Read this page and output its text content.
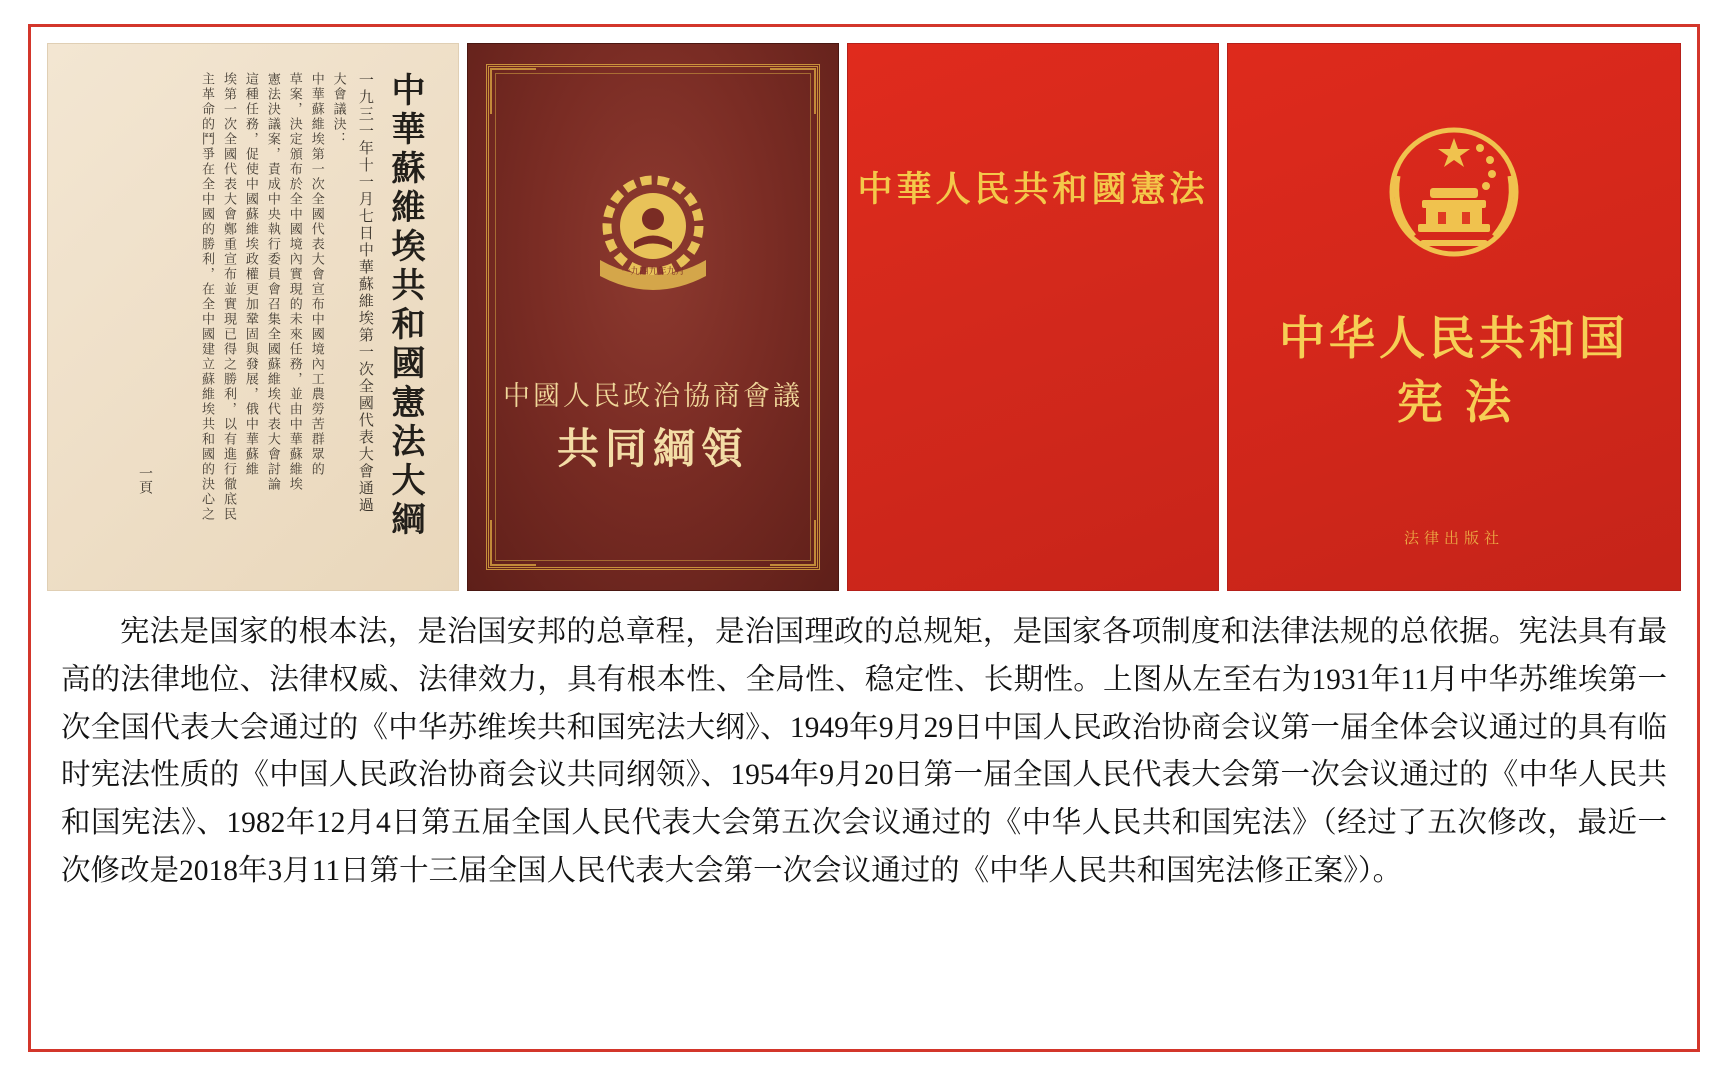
主革命的鬥爭在全中國的勝利，在全中國建立蘇維埃共和國的決心之 埃第一次全國代表大會鄭重宣布並實現已得之勝利，以有進行徹底民 這種任務，促使中國蘇維埃政權更加鞏固與發展，俄中華蘇維 憲法決議案，責成中央執行委員會召集全國蘇維埃代表大會討論 草案，決定頒布於全中國境內實現的未來任務，並由中華蘇維埃 中華蘇維埃第一次全國代表大會宣布中國境內工農勞苦群眾的 大會議決： 一九三一年十一月七日中華蘇維埃第一次全國代表大會通過 中華蘇維埃共和國憲法大綱
一頁
一九四九年九月
中國人民政治協商會議
共同綱領
中華人民共和國憲法
中华人民共和国
宪法
法律出版社

宪法是国家的根本法，是治国安邦的总章程，是治国理政的总规矩，是国家各项制度和法律法规的总依据。宪法具有最高的法律地位、法律权威、法律效力，具有根本性、全局性、稳定性、长期性。上图从左至右为1931年11月中华苏维埃第一次全国代表大会通过的《中华苏维埃共和国宪法大纲》、1949年9月29日中国人民政治协商会议第一届全体会议通过的具有临时宪法性质的《中国人民政治协商会议共同纲领》、1954年9月20日第一届全国人民代表大会第一次会议通过的《中华人民共和国宪法》、1982年12月4日第五届全国人民代表大会第五次会议通过的《中华人民共和国宪法》（经过了五次修改，最近一次修改是2018年3月11日第十三届全国人民代表大会第一次会议通过的《中华人民共和国宪法修正案》）。
